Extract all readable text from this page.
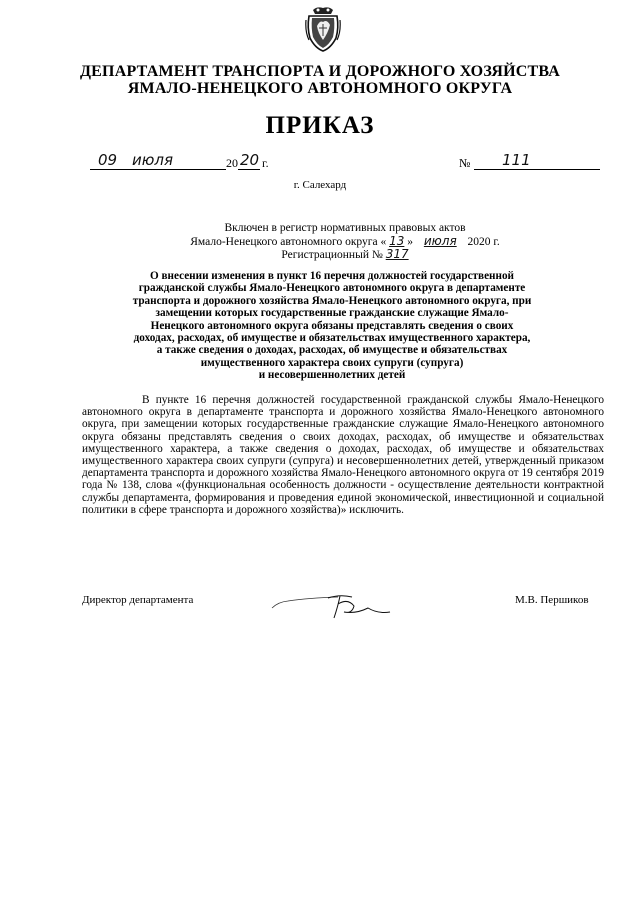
ДЕПАРТАМЕНТ ТРАНСПОРТА И ДОРОЖНОГО ХОЗЯЙСТВА
ЯМАЛО-НЕНЕЦКОГО АВТОНОМНОГО ОКРУГА
ПРИКАЗ
09 июля	20 20 г.	№ 111
г. Салехард
Включен в регистр нормативных правовых актов
Ямало-Ненецкого автономного округа « 13 » июля 2020 г.
Регистрационный № 317
О внесении изменения в пункт 16 перечня должностей государственной
гражданской службы Ямало-Ненецкого автономного округа в департаменте
транспорта и дорожного хозяйства Ямало-Ненецкого автономного округа, при
замещении которых государственные гражданские служащие Ямало-
Ненецкого автономного округа обязаны представлять сведения о своих
доходах, расходах, об имуществе и обязательствах имущественного характера,
а также сведения о доходах, расходах, об имуществе и обязательствах
имущественного характера своих супруги (супруга)
и несовершеннолетних детей
В пункте 16 перечня должностей государственной гражданской службы Ямало-Ненецкого автономного округа в департаменте транспорта и дорожного хозяйства Ямало-Ненецкого автономного округа, при замещении которых государственные гражданские служащие Ямало-Ненецкого автономного округа обязаны представлять сведения о своих доходах, расходах, об имуществе и обязательствах имущественного характера, а также сведения о доходах, расходах, об имуществе и обязательствах имущественного характера своих супруги (супруга) и несовершеннолетних детей, утвержденный приказом департамента транспорта и дорожного хозяйства Ямало-Ненецкого автономного округа от 19 сентября 2019 года № 138, слова «(функциональная особенность должности - осуществление деятельности контрактной службы департамента, формирования и проведения единой экономической, инвестиционной и социальной политики в сфере транспорта и дорожного хозяйства)» исключить.
Директор департамента	М.В. Першиков
